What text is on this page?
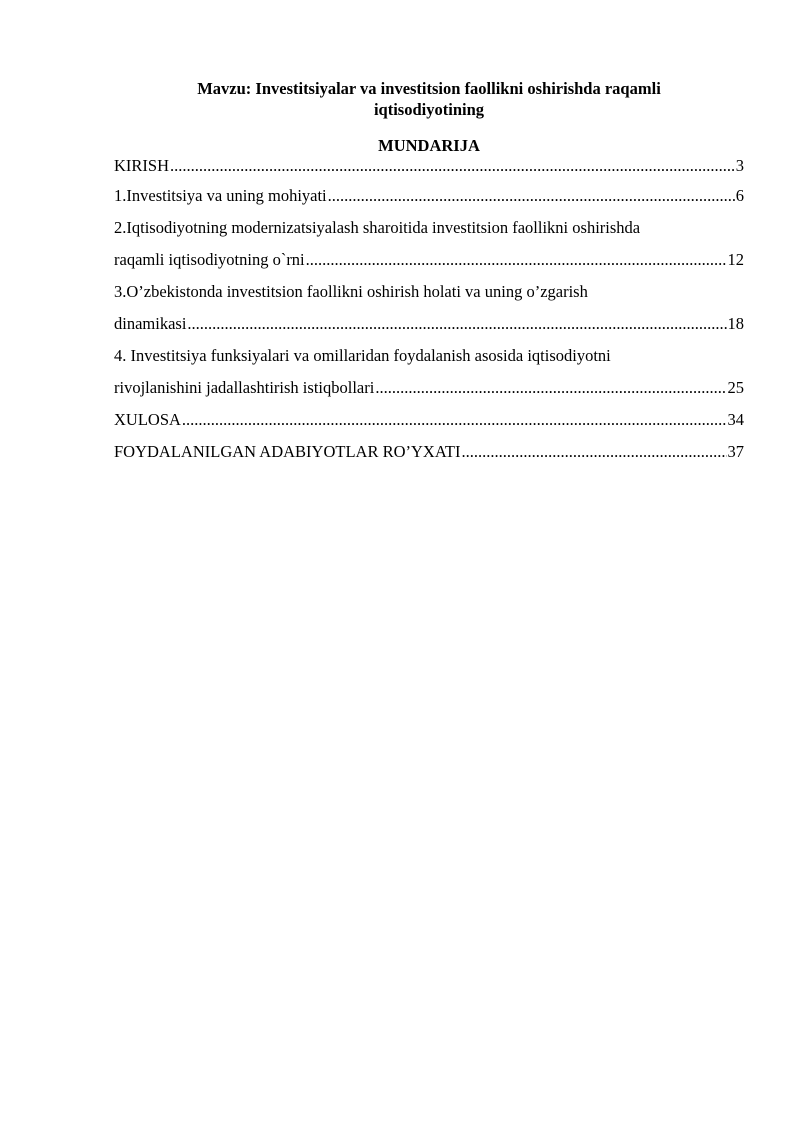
Mavzu: Investitsiyalar va investitsion faollikni oshirishda raqamli iqtisodiyotining
MUNDARIJA
KIRISH .....	3
1.Investitsiya va uning mohiyati .....	6
2.Iqtisodiyotning modernizatsiyalash sharoitida investitsion faollikni oshirishda
raqamli iqtisodiyotning o`rni .....	12
3.O’zbekistonda investitsion faollikni oshirish holati va uning o’zgarish
dinamikasi .....	18
4. Investitsiya funksiyalari va omillaridan foydalanish asosida iqtisodiyotni
rivojlanishini jadallashtirish istiqbollari .....	25
XULOSA .....	34
FOYDALANILGAN ADABIYOTLAR RO’YXATI .....	37
